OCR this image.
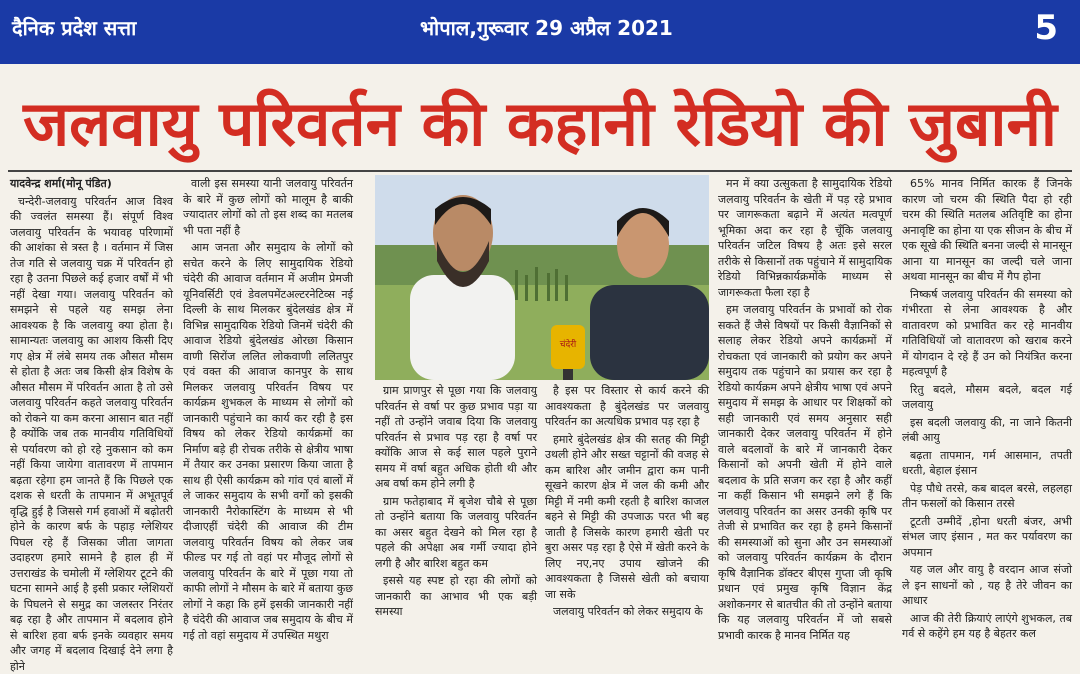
दैनिक प्रदेश सत्ता	भोपाल,गुरूवार 29 अप्रैल 2021	5
जलवायु परिवर्तन की कहानी रेडियो की जुबानी

यादवेन्द्र शर्मा(मोनू पंडित)

चन्देरी-जलवायु परिवर्तन आज विश्व की ज्वलंत समस्या हैं। संपूर्ण विश्व जलवायु परिवर्तन के भयावह परिणामों की आशंका से त्रस्त है । वर्तमान में जिस तेज गति से जलवायु चक्र में परिवर्तन हो रहा है उतना पिछले कई हजार वर्षों में भी नहीं देखा गया। जलवायु परिवर्तन को समझने से पहले यह समझ लेना आवश्यक है कि जलवायु क्या होता है। सामान्यतः जलवायु का आशय किसी दिए गए क्षेत्र में लंबे समय तक औसत मौसम से होता है अतः जब किसी क्षेत्र विशेष के औसत मौसम में परिवर्तन आता है तो उसे जलवायु परिवर्तन कहते जलवायु परिवर्तन को रोकने या कम करना आसान बात नहीं है क्योंकि जब तक मानवीय गतिविधियों से पर्यावरण को हो रहे नुकसान को कम नहीं किया जायेगा वातावरण में तापमान बढ़ता रहेगा हम जानते हैं कि पिछले एक दशक से धरती के तापमान में अभूतपूर्व वृद्धि हुई है जिससे गर्म हवाओं में बढ़ोतरी होने के कारण बर्फ के पहाड़ ग्लेशियर पिघल रहे हैं जिसका जीता जागता उदाहरण हमारे सामने है हाल ही में उत्तराखंड के चमोली में ग्लेशियर टूटने की घटना सामने आई है इसी प्रकार ग्लेशियरों के पिघलने से समुद्र का जलस्तर निरंतर बढ़ रहा है और तापमान में बदलाव होने से बारिश हवा बर्फ इनके व्यवहार समय और जगह में बदलाव दिखाई देने लगा है होने

वाली इस समस्या यानी जलवायु परिवर्तन के बारे में कुछ लोगों को मालूम है बाकी ज्यादातर लोगों को तो इस शब्द का मतलब भी पता नहीं है

आम जनता और समुदाय के लोगों को सचेत करने के लिए सामुदायिक रेडियो चंदेरी की आवाज वर्तमान में अजीम प्रेमजी यूनिवर्सिटी एवं डेवलपमेंटअल्टरनेटिव्स नई दिल्ली के साथ मिलकर बुंदेलखंड क्षेत्र में विभिन्न सामुदायिक रेडियो जिनमें चंदेरी की आवाज रेडियो बुंदेलखंड ओरछा किसान वाणी सिरोंज ललित लोकवाणी ललितपुर एवं वक्त की आवाज कानपुर के साथ मिलकर जलवायु परिवर्तन विषय पर कार्यक्रम शुभकल के माध्यम से लोगों को जानकारी पहुंचाने का कार्य कर रही है इस विषय को लेकर रेडियो कार्यक्रमों का निर्माण बड़े ही रोचक तरीके से क्षेत्रीय भाषा में तैयार कर उनका प्रसारण किया जाता है साथ ही ऐसी कार्यक्रम को गांव एवं बालों में ले जाकर समुदाय के सभी वर्गों को इसकी जानकारी नैरोकास्टिंग के माध्यम से भी दीजाएहीं चंदेरी की आवाज की टीम जलवायु परिवर्तन विषय को लेकर जब फील्ड पर गई तो वहां पर मौजूद लोगों से जलवायु परिवर्तन के बारे में पूछा गया तो काफी लोगों ने मौसम के बारे में बताया कुछ लोगों ने कहा कि हमें इसकी जानकारी नहीं है चंदेरी की आवाज जब समुदाय के बीच में गई तो वहां समुदाय में उपस्थित मथुरा

चंदेरी

ग्राम प्राणपुर से पूछा गया कि जलवायु परिवर्तन से वर्षा पर कुछ प्रभाव पड़ा या नहीं तो उन्होंने जवाब दिया कि जलवायु परिवर्तन से प्रभाव पड़ रहा है वर्षा पर क्योंकि आज से कई साल पहले पुराने समय में वर्षा बहुत अधिक होती थी और अब वर्षा कम होने लगी है

ग्राम फतेहाबाद में बृजेश चौबे से पूछा तो उन्होंने बताया कि जलवायु परिवर्तन का असर बहुत देखने को मिल रहा है पहले की अपेक्षा अब गर्मी ज्यादा होने लगी है और बारिश बहुत कम

इससे यह स्पष्ट हो रहा की लोगों को जानकारी का आभाव भी एक बड़ी समस्या

है इस पर विस्तार से कार्य करने की आवश्यकता है बुंदेलखंड पर जलवायु परिवर्तन का अत्यधिक प्रभाव पड़ रहा है

हमारे बुंदेलखंड क्षेत्र की सतह की मिट्टी उथली होने और सख्त चट्टानों की वजह से कम बारिश और जमीन द्वारा कम पानी सूखने कारण क्षेत्र में जल की कमी और मिट्टी में नमी कमी रहती है बारिश काजल बहने से मिट्टी की उपजाऊ परत भी बह जाती है जिसके कारण हमारी खेती पर बुरा असर पड़ रहा है ऐसे में खेती करने के लिए नए,नए उपाय खोजने की आवश्यकता है जिससे खेती को बचाया जा सके

जलवायु परिवर्तन को लेकर समुदाय के

मन में क्या उत्सुकता है सामुदायिक रेडियो जलवायु परिवर्तन के खेती में पड़ रहे प्रभाव पर जागरूकता बढ़ाने में अत्यंत मत्वपूर्ण भूमिका अदा कर रहा है चूँकि जलवायु परिवर्तन जटिल विषय है अतः इसे सरल तरीके से किसानों तक पहुंचाने में सामुदायिक रेडियो विभिन्नकार्यक्रमोंके माध्यम से जागरूकता फैला रहा है

हम जलवायु परिवर्तन के प्रभावों को रोक सकते हैं जैसे विषयों पर किसी वैज्ञानिकों से सलाह लेकर रेडियो अपने कार्यक्रमों में रोचकता एवं जानकारी को प्रयोग कर अपने समुदाय तक पहुंचाने का प्रयास कर रहा है रेडियो कार्यक्रम अपने क्षेत्रीय भाषा एवं अपने समुदाय में समझ के आधार पर शिक्षकों को सही जानकारी एवं समय अनुसार सही जानकारी देकर जलवायु परिवर्तन में होने वाले बदलावों के बारे में जानकारी देकर किसानों को अपनी खेती में होने वाले बदलाव के प्रति सजग कर रहा है और कहीं ना कहीं किसान भी समझने लगे हैं कि जलवायु परिवर्तन का असर उनकी कृषि पर तेजी से प्रभावित कर रहा है हमने किसानों की समस्याओं को सुना और उन समस्याओं को जलवायु परिवर्तन कार्यक्रम के दौरान कृषि वैज्ञानिक डॉक्टर बीएस गुप्ता जी कृषि प्रधान एवं प्रमुख कृषि विज्ञान केंद्र अशोकनगर से बातचीत की तो उन्होंने बताया कि यह जलवायु परिवर्तन में जो सबसे प्रभावी कारक है मानव निर्मित यह

65% मानव निर्मित कारक हैं जिनके कारण जो चरम की स्थिति पैदा हो रही चरम की स्थिति मतलब अतिवृष्टि का होना अनावृष्टि का होना या एक सीजन के बीच में एक सूखे की स्थिति बनना जल्दी से मानसून आना या मानसून का जल्दी चले जाना अथवा मानसून का बीच में गैप होना

निष्कर्ष जलवायु परिवर्तन की समस्या को गंभीरता से लेना आवश्यक है और वातावरण को प्रभावित कर रहे मानवीय गतिविधियों जो वातावरण को खराब करने में योगदान दे रहे हैं उन को नियंत्रित करना महत्वपूर्ण है

रितु बदले, मौसम बदले, बदल गई जलवायु

इस बदली जलवायु की, ना जाने कितनी लंबी आयु

बढ़ता तापमान, गर्म आसमान, तपती धरती, बेहाल इंसान

पेड़ पौधे तरसे, कब बादल बरसे, लहलहा तीन फसलों को किसान तरसे

टूटती उम्मीदें ,होना धरती बंजर, अभी संभल जाए इंसान , मत कर पर्यावरण का अपमान

यह जल और वायु है वरदान आज संजो ले इन साधनों को , यह है तेरे जीवन का आधार

आज की तेरी क्रियाएं लाएंगे शुभकल, तब गर्व से कहेंगे हम यह है बेहतर कल
